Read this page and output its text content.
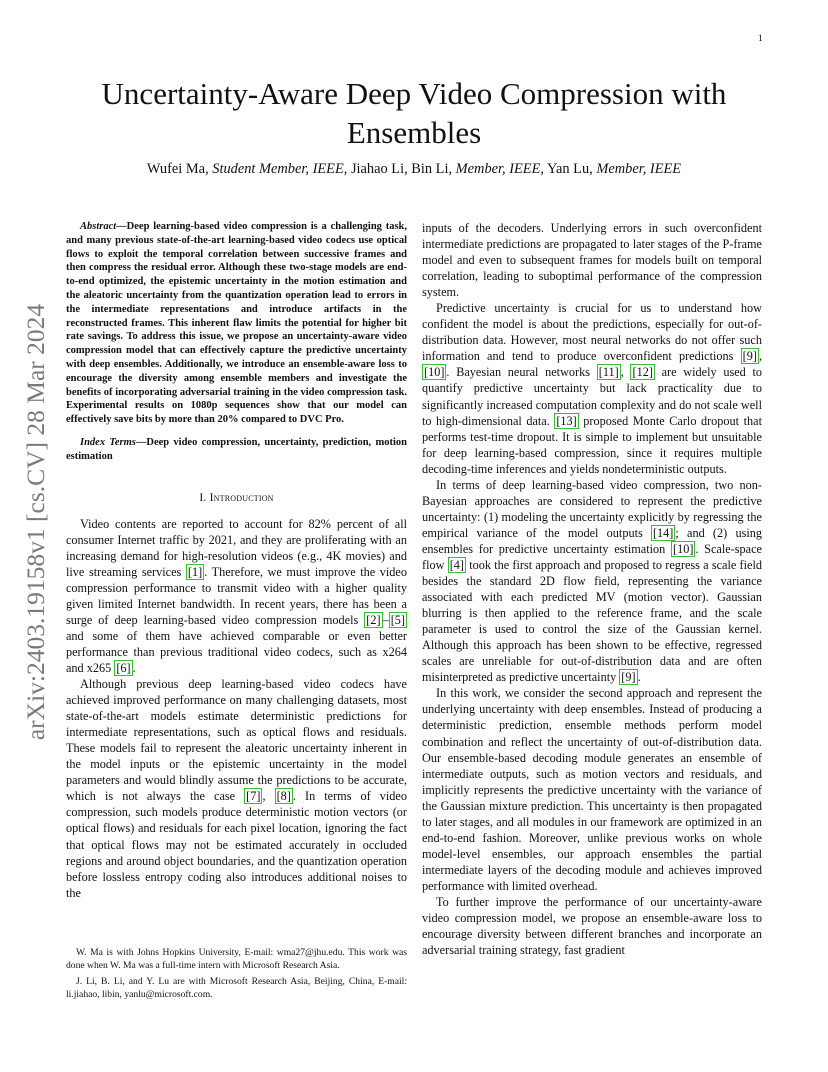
1
arXiv:2403.19158v1 [cs.CV] 28 Mar 2024
Uncertainty-Aware Deep Video Compression with Ensembles
Wufei Ma, Student Member, IEEE, Jiahao Li, Bin Li, Member, IEEE, Yan Lu, Member, IEEE

Abstract—Deep learning-based video compression is a challenging task, and many previous state-of-the-art learning-based video codecs use optical flows to exploit the temporal correlation between successive frames and then compress the residual error. Although these two-stage models are end-to-end optimized, the epistemic uncertainty in the motion estimation and the aleatoric uncertainty from the quantization operation lead to errors in the intermediate representations and introduce artifacts in the reconstructed frames. This inherent flaw limits the potential for higher bit rate savings. To address this issue, we propose an uncertainty-aware video compression model that can effectively capture the predictive uncertainty with deep ensembles. Additionally, we introduce an ensemble-aware loss to encourage the diversity among ensemble members and investigate the benefits of incorporating adversarial training in the video compression task. Experimental results on 1080p sequences show that our model can effectively save bits by more than 20% compared to DVC Pro.

Index Terms—Deep video compression, uncertainty, prediction, motion estimation

I. Introduction

Video contents are reported to account for 82% percent of all consumer Internet traffic by 2021, and they are proliferating with an increasing demand for high-resolution videos (e.g., 4K movies) and live streaming services [1] . Therefore, we must improve the video compression performance to transmit video with a higher quality given limited Internet bandwidth. In recent years, there has been a surge of deep learning-based video compression models [2] – [5] and some of them have achieved comparable or even better performance than previous traditional video codecs, such as x264 and x265 [6] .

Although previous deep learning-based video codecs have achieved improved performance on many challenging datasets, most state-of-the-art models estimate deterministic predictions for intermediate representations, such as optical flows and residuals. These models fail to represent the aleatoric uncertainty inherent in the model inputs or the epistemic uncertainty in the model parameters and would blindly assume the predictions to be accurate, which is not always the case [7] , [8] . In terms of video compression, such models produce deterministic motion vectors (or optical flows) and residuals for each pixel location, ignoring the fact that optical flows may not be estimated accurately in occluded regions and around object boundaries, and the quantization operation before lossless entropy coding also introduces additional noises to the

W. Ma is with Johns Hopkins University, E-mail: wma27@jhu.edu. This work was done when W. Ma was a full-time intern with Microsoft Research Asia.

J. Li, B. Li, and Y. Lu are with Microsoft Research Asia, Beijing, China, E-mail: li.jiahao, libin, yanlu@microsoft.com.

inputs of the decoders. Underlying errors in such overconfident intermediate predictions are propagated to later stages of the P-frame model and even to subsequent frames for models built on temporal correlation, leading to suboptimal performance of the compression system.

Predictive uncertainty is crucial for us to understand how confident the model is about the predictions, especially for out-of-distribution data. However, most neural networks do not offer such information and tend to produce overconfident predictions [9] , [10] . Bayesian neural networks [11] , [12] are widely used to quantify predictive uncertainty but lack practicality due to significantly increased computation complexity and do not scale well to high-dimensional data. [13] proposed Monte Carlo dropout that performs test-time dropout. It is simple to implement but unsuitable for deep learning-based compression, since it requires multiple decoding-time inferences and yields nondeterministic outputs.

In terms of deep learning-based video compression, two non-Bayesian approaches are considered to represent the predictive uncertainty: (1) modeling the uncertainty explicitly by regressing the empirical variance of the model outputs [14] ; and (2) using ensembles for predictive uncertainty estimation [10] . Scale-space flow [4] took the first approach and proposed to regress a scale field besides the standard 2D flow field, representing the variance associated with each predicted MV (motion vector). Gaussian blurring is then applied to the reference frame, and the scale parameter is used to control the size of the Gaussian kernel. Although this approach has been shown to be effective, regressed scales are unreliable for out-of-distribution data and are often misinterpreted as predictive uncertainty [9] .

In this work, we consider the second approach and represent the underlying uncertainty with deep ensembles. Instead of producing a deterministic prediction, ensemble methods perform model combination and reflect the uncertainty of out-of-distribution data. Our ensemble-based decoding module generates an ensemble of intermediate outputs, such as motion vectors and residuals, and implicitly represents the predictive uncertainty with the variance of the Gaussian mixture prediction. This uncertainty is then propagated to later stages, and all modules in our framework are optimized in an end-to-end fashion. Moreover, unlike previous works on whole model-level ensembles, our approach ensembles the partial intermediate layers of the decoding module and achieves improved performance with limited overhead.

To further improve the performance of our uncertainty-aware video compression model, we propose an ensemble-aware loss to encourage diversity between different branches and incorporate an adversarial training strategy, fast gradient
